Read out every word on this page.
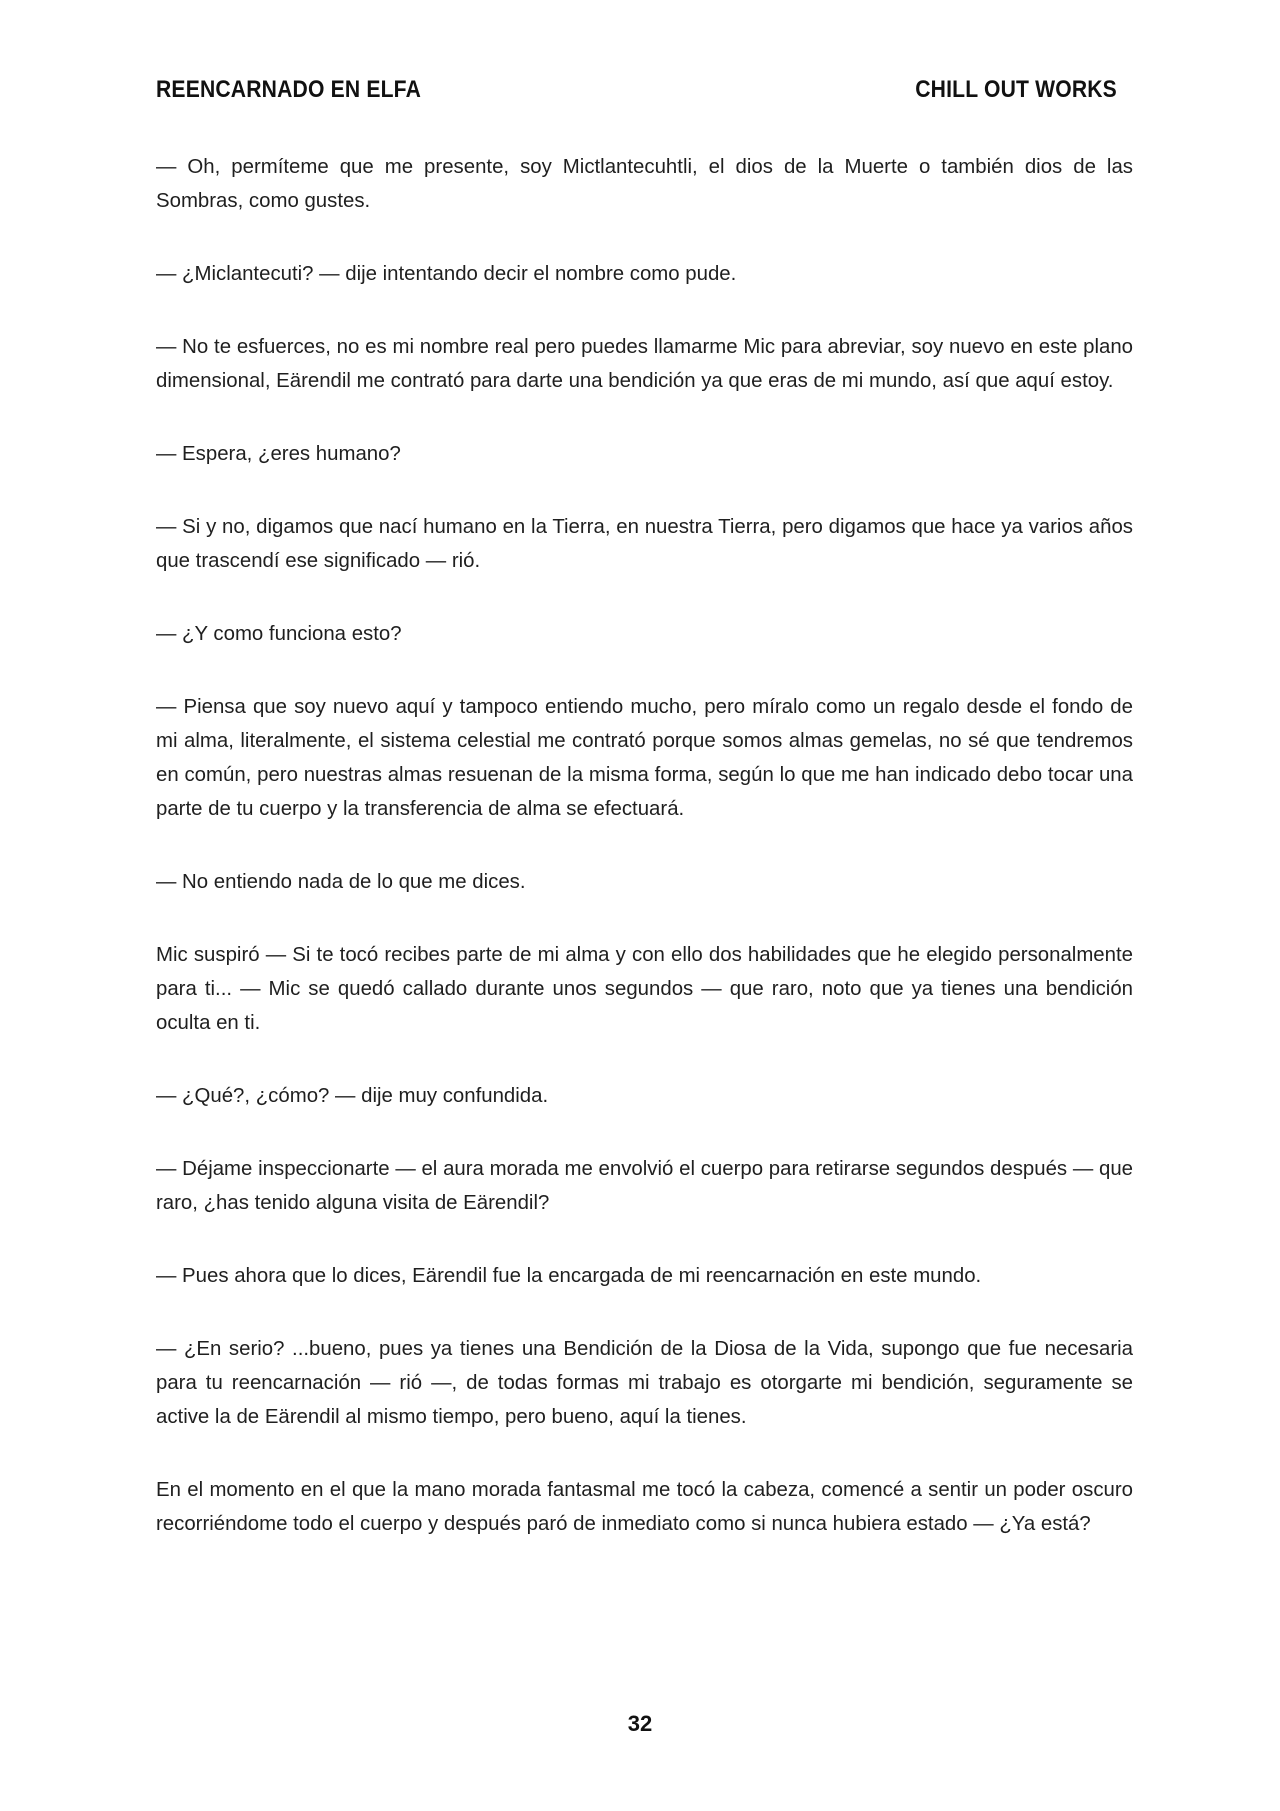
REENCARNADO EN ELFA	CHILL OUT WORKS

— Oh, permíteme que me presente, soy Mictlantecuhtli, el dios de la Muerte o también dios de las Sombras, como gustes.

— ¿Miclantecuti? — dije intentando decir el nombre como pude.

— No te esfuerces, no es mi nombre real pero puedes llamarme Mic para abreviar, soy nuevo en este plano dimensional, Eärendil me contrató para darte una bendición ya que eras de mi mundo, así que aquí estoy.

— Espera, ¿eres humano?

— Si y no, digamos que nací humano en la Tierra, en nuestra Tierra, pero digamos que hace ya varios años que trascendí ese significado — rió.

— ¿Y como funciona esto?

— Piensa que soy nuevo aquí y tampoco entiendo mucho, pero míralo como un regalo desde el fondo de mi alma, literalmente, el sistema celestial me contrató porque somos almas gemelas, no sé que tendremos en común, pero nuestras almas resuenan de la misma forma, según lo que me han indicado debo tocar una parte de tu cuerpo y la transferencia de alma se efectuará.

— No entiendo nada de lo que me dices.

Mic suspiró — Si te tocó recibes parte de mi alma y con ello dos habilidades que he elegido personalmente para ti... — Mic se quedó callado durante unos segundos — que raro, noto que ya tienes una bendición oculta en ti.

— ¿Qué?, ¿cómo? — dije muy confundida.

— Déjame inspeccionarte — el aura morada me envolvió el cuerpo para retirarse segundos después — que raro, ¿has tenido alguna visita de Eärendil?

— Pues ahora que lo dices, Eärendil fue la encargada de mi reencarnación en este mundo.

— ¿En serio? ...bueno, pues ya tienes una Bendición de la Diosa de la Vida, supongo que fue necesaria para tu reencarnación — rió —, de todas formas mi trabajo es otorgarte mi bendición, seguramente se active la de Eärendil al mismo tiempo, pero bueno, aquí la tienes.

En el momento en el que la mano morada fantasmal me tocó la cabeza, comencé a sentir un poder oscuro recorriéndome todo el cuerpo y después paró de inmediato como si nunca hubiera estado — ¿Ya está?

32
